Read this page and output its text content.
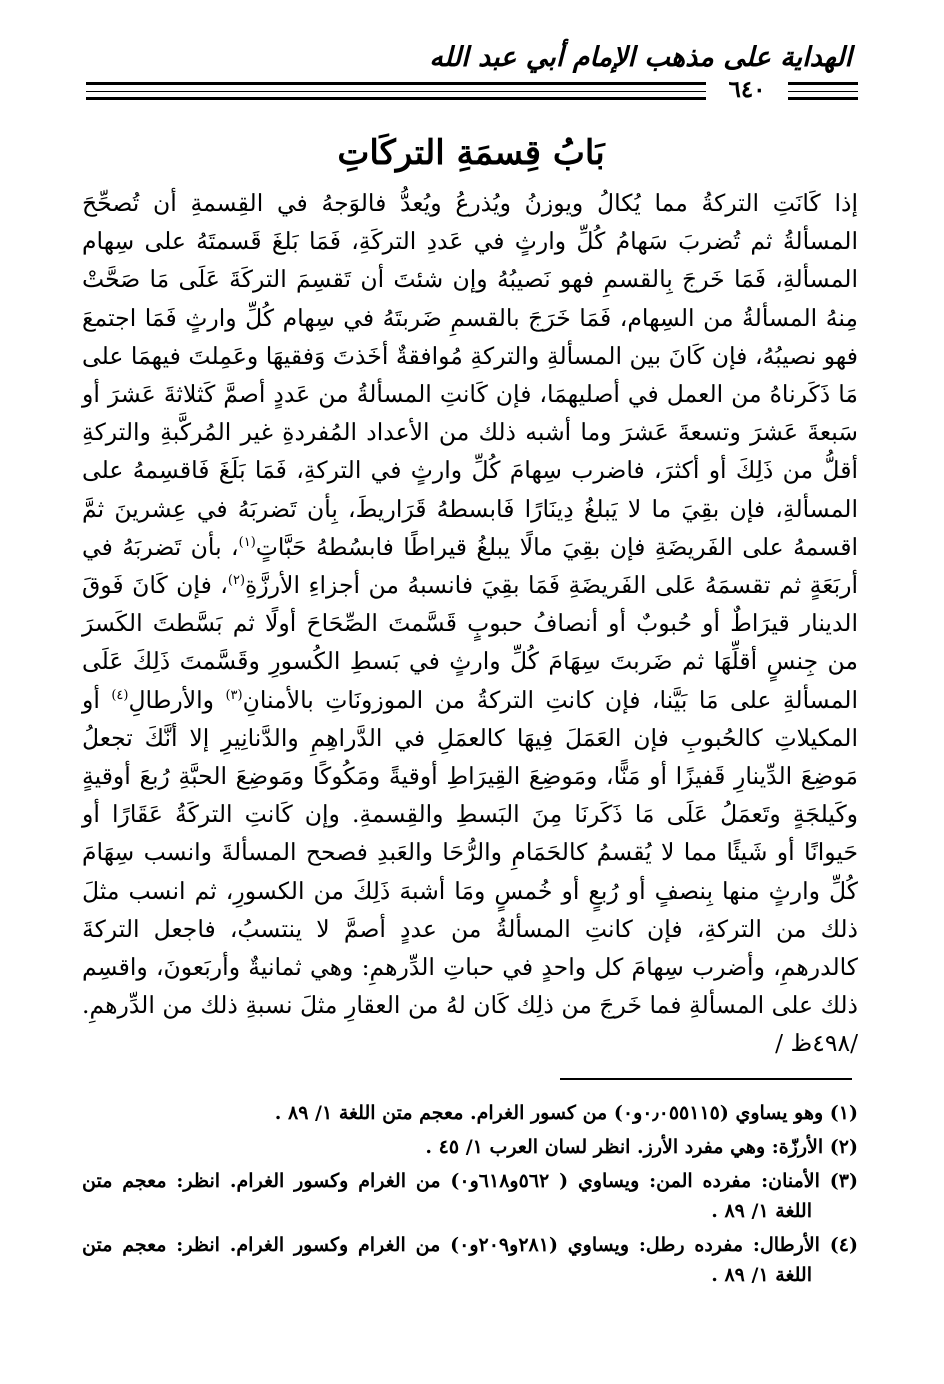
الهداية على مذهب الإمام أبي عبد الله
٦٤٠
بَابُ قِسمَةِ التركَاتِ

إذا كَانَتِ التركةُ مما يُكالُ ويوزنُ ويُذرعُ ويُعدُّ فالوَجهُ في القِسمةِ أن تُصحِّحَ المسألةُ ثم تُضربَ سَهامُ كُلِّ وارثٍ في عَددِ التركَةِ، فَمَا بَلغَ قَسمتَهُ على سِهام المسألةِ، فَمَا خَرجَ بِالقسمِ فهو نَصيبُهُ وإن شئتَ أن تَقسِمَ التركَةَ عَلَى مَا صَحَّتْ مِنهُ المسألةُ من السِهام، فَمَا خَرَجَ بالقسمِ ضَربتَهُ في سِهام كُلِّ وارثٍ فَمَا اجتمعَ فهو نصيبُهُ، فإن كَانَ بين المسألةِ والتركةِ مُوافقةٌ أخَذتَ وَفقيهَا وعَمِلتَ فيهمَا على مَا ذَكَرناهُ من العمل في أصليهمَا، فإن كَانتِ المسألةُ من عَددٍ أصمَّ كَثلاثةَ عَشرَ أو سَبعةَ عَشرَ وتسعةَ عَشرَ وما أشبه ذلك من الأعداد المُفردةِ غير المُركَّبةِ والتركةِ أقلُّ من ذَلِكَ أو أكثرَ، فاضرب سِهامَ كُلِّ وارثٍ في التركةِ، فَمَا بَلَغَ فَاقسِمهُ على المسألةِ، فإن بقِيَ ما لا يَبلغُ دِينَارًا فَابسطهُ قَرَاريطَ، بِأن تَضربَهُ في عِشرينَ ثمَّ اقسمهُ على الفَريضَةِ فإن بقِيَ مالًا يبلغُ قيراطًا فابسُطهُ حَبَّاتٍ$^{(١)}$، بأن تَضربَهُ في أربَعَةٍ ثم تقسمَهُ عَلى الفَريضَةِ فَمَا بقِيَ فانسبهُ من أجزاءِ الأرزَّةِ$^{(٢)}$، فإن كَانَ فَوقَ الدينار قيرَاطٌ أو حُبوبٌ أو أنصافُ حبوبٍ قَسَّمتَ الصِّحَاحَ أولًا ثم بَسَّطتَ الكَسرَ من جِنسٍ أقلِّهَا ثم ضَربتَ سِهَامَ كُلِّ وارثٍ في بَسطِ الكُسورِ وقَسَّمتَ ذَلِكَ عَلَى المسألةِ على مَا بَيَّنا، فإن كانتِ التركةُ من الموزونَاتِ بالأمنانِ$^{(٣)}$ والأرطالِ$^{(٤)}$ أو المكيلاتِ كالحُبوبِ فإن العَمَلَ فِيهَا كالعمَلِ في الدَّراهِمِ والدَّنانِيرِ إلا أنَّكَ تجعلُ مَوضِعَ الدِّينارِ قَفيزًا أو مَنًّا، ومَوضِعَ القِيرَاطِ أوقيةً ومَكُوكًا ومَوضِعَ الحبَّةِ رُبعَ أوقيةٍ وكَيلجَةٍ وتَعمَلُ عَلَى مَا ذَكَرنَا مِنَ البَسطِ والقِسمةِ. وإن كَانتِ التركَةُ عَقَارًا أو حَيوانًا أو شَيئًا مما لا يُقسمُ كالحَمَامِ والرُّحَا والعَبدِ فصحح المسألةَ وانسب سِهَامَ كُلِّ وارثٍ منها بِنصفٍ أو رُبعٍ أو خُمسٍ ومَا أشبهَ ذَلِكَ من الكسورِ، ثم انسب مثلَ ذلك من التركةِ، فإن كانتِ المسألةُ من عددٍ أصمَّ لا ينتسبُ، فاجعل التركةَ كالدرهمِ، وأضرب سِهامَ كل واحدٍ في حباتِ الدِّرهمِ: وهي ثمانيةٌ وأربَعونَ، واقسِم ذلك على المسألةِ فما خَرجَ من ذلِك كَان لهُ من العقارِ مثلَ نسبةِ ذلك من الدِّرهمِ. /٤٩٨ظ /

(١) وهو يساوي (٠٫٠٥٥١١٥و٠) من كسور الغرام. معجم متن اللغة ١/ ٨٩ .
(٢) الأرزّة: وهي مفرد الأرز. انظر لسان العرب ١/ ٤٥ .
(٣) الأمنان: مفرده المن: ويساوي ( ٥٦٢و٦١٨و٠) من الغرام وكسور الغرام. انظر: معجم متن اللغة ١/ ٨٩ .
(٤) الأرطال: مفرده رطل: ويساوي (٢٨١و٢٠٩و٠) من الغرام وكسور الغرام. انظر: معجم متن اللغة ١/ ٨٩ .
